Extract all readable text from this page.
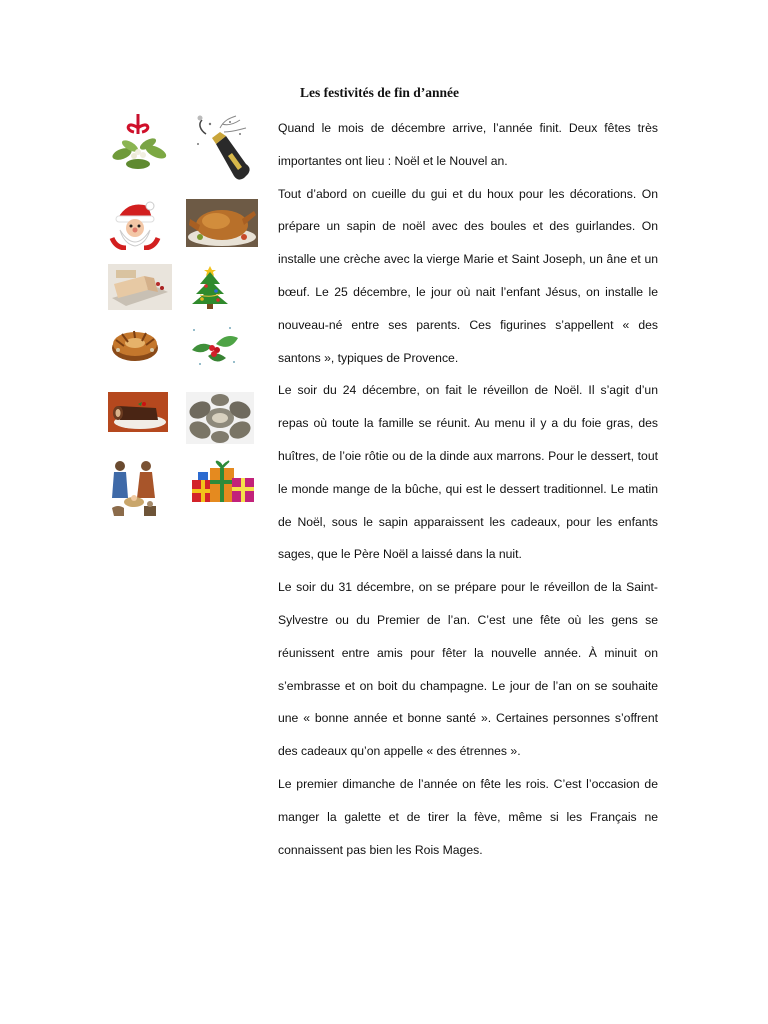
Les festivités de fin d’année

Quand le mois de décembre arrive, l’année finit. Deux fêtes très importantes ont lieu : Noël et le Nouvel an.

Tout d’abord on cueille du gui et du houx pour les décorations. On prépare un sapin de noël avec des boules et des guirlandes. On installe une crèche avec la vierge Marie et Saint Joseph, un âne et un bœuf. Le 25 décembre, le jour où nait l’enfant Jésus, on installe le nouveau-né entre ses parents. Ces figurines s’appellent « des santons », typiques de Provence.

Le soir du 24 décembre, on fait le réveillon de Noël. Il s’agit d’un repas où toute la famille se réunit. Au menu il y a du foie gras, des huîtres, de l’oie rôtie ou de la dinde aux marrons. Pour le dessert, tout le monde mange de la bûche, qui est le dessert traditionnel. Le matin de Noël, sous le sapin apparaissent les cadeaux, pour les enfants sages, que le Père Noël a laissé dans la nuit.

Le soir du 31 décembre, on se prépare pour le réveillon de la Saint-Sylvestre ou du Premier de l’an. C’est une fête où les gens se réunissent entre amis pour fêter la nouvelle année. À minuit on s’embrasse et on boit du champagne. Le jour de l’an on se souhaite une « bonne année et bonne santé ». Certaines personnes s’offrent des cadeaux qu’on appelle « des étrennes ».

Le premier dimanche de l’année on fête les rois. C’est l’occasion de manger la galette et de tirer la fève, même si les Français ne connaissent pas bien les Rois Mages.
